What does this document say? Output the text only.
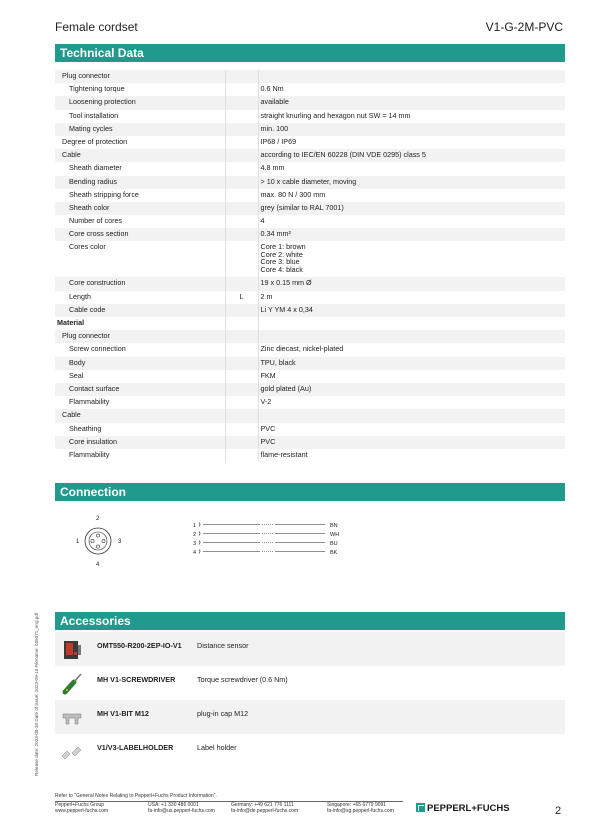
Female cordset	V1-G-2M-PVC
Technical Data
Plug connector		

Tightening torque		0.6 Nm

Loosening protection		available

Tool installation		straight knurling and hexagon nut SW = 14 mm

Mating cycles		min. 100

Degree of protection		IP68 / IP69

Cable		according to IEC/EN 60228 (DIN VDE 0295) class 5

Sheath diameter		4.8 mm

Bending radius		> 10 x cable diameter, moving

Sheath stripping force		max. 80 N / 300 mm

Sheath color		grey (similar to RAL 7001)

Number of cores		4

Core cross section		0.34 mm²

Cores color		Core 1: brown
Core 2: white
Core 3: blue
Core 4: black

Core construction		19 x 0.15 mm Ø

Length	L	2 m

Cable code		Li Y YM 4 x 0,34

Material		

Plug connector		

Screw connection		Zinc diecast, nickel-plated

Body		TPU, black

Seal		FKM

Contact surface		gold plated (Au)

Flammability		V-2

Cable		

Sheathing		PVC

Core insulation		PVC

Flammability		flame-resistant
Connection
1
2
3
4
1	BN
2	WH
3	BU
4	BK
Accessories
	OMT550-R200-2EP-IO-V1	Distance sensor
	MH V1-SCREWDRIVER	Torque screwdriver (0.6 Nm)
	MH V1-BIT M12	plug-in cap M12
	V1/V3-LABELHOLDER	Label holder
Release date: 2023-08-30 Date of issue: 2023-09-10 Filename: 035071_eng.pdf
Refer to "General Notes Relating to Pepperl+Fuchs Product Information".
Pepperl+Fuchs Group
www.pepperl-fuchs.com
USA: +1 330 486 0001
fa-info@us.pepperl-fuchs.com
Germany: +49 621 776 1111
fa-info@de.pepperl-fuchs.com
Singapore: +65 6779 9091
fa-info@sg.pepperl-fuchs.com	PEPPERL+FUCHS	2
